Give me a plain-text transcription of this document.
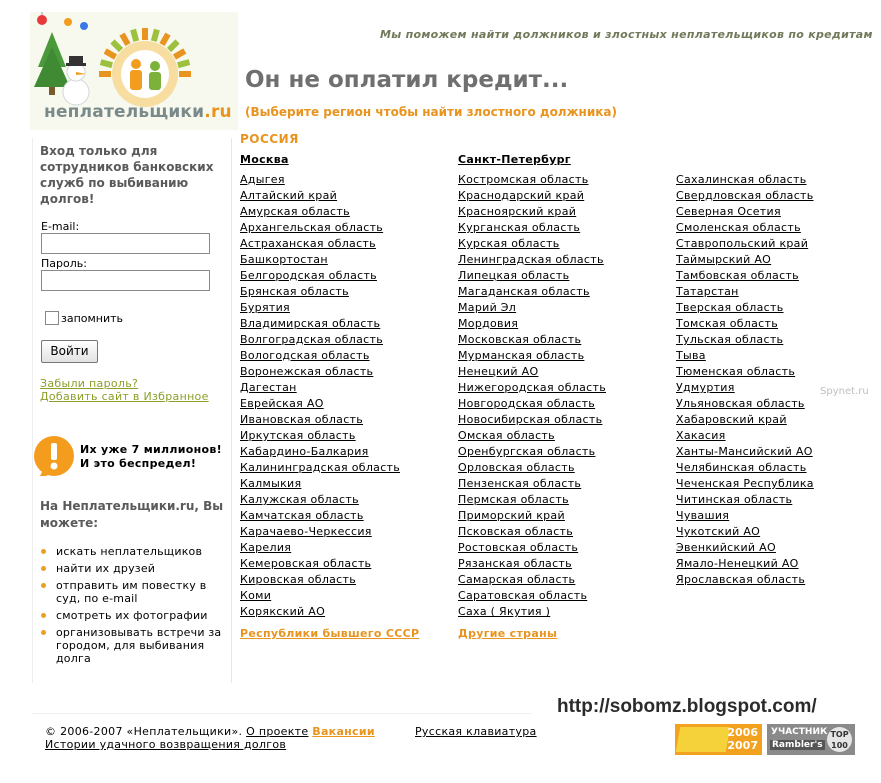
неплательщики.ru
Мы поможем найти должников и злостных неплательщиков по кредитам
Он не оплатил кредит...
(Выберите регион чтобы найти злостного должника)
РОССИЯ
Москва	Санкт-Петербург
Адыгея
Алтайский край
Амурская область
Архангельская область
Астраханская область
Башкортостан
Белгородская область
Брянская область
Бурятия
Владимирская область
Волгоградская область
Вологодская область
Воронежская область
Дагестан
Еврейская АО
Ивановская область
Иркутская область
Кабардино-Балкария
Калининградская область
Калмыкия
Калужская область
Камчатская область
Карачаево-Черкессия
Карелия
Кемеровская область
Кировская область
Коми
Корякский АО
Костромская область
Краснодарский край
Красноярский край
Курганская область
Курская область
Ленинградская область
Липецкая область
Магаданская область
Марий Эл
Мордовия
Московская область
Мурманская область
Ненецкий АО
Нижегородская область
Новгородская область
Новосибирская область
Омская область
Оренбургская область
Орловская область
Пензенская область
Пермская область
Приморский край
Псковская область
Ростовская область
Рязанская область
Самарская область
Саратовская область
Саха ( Якутия )
Сахалинская область
Свердловская область
Северная Осетия
Смоленская область
Ставропольский край
Таймырский АО
Тамбовская область
Татарстан
Тверская область
Томская область
Тульская область
Тыва
Тюменская область
Удмуртия
Ульяновская область
Хабаровский край
Хакасия
Ханты-Мансийский АО
Челябинская область
Чеченская Республика
Читинская область
Чувашия
Чукотский АО
Эвенкийский АО
Ямало-Ненецкий АО
Ярославская область
Республики бывшего СССР	Другие страны
Вход только для сотрудников банковских служб по выбиванию долгов!
E-mail:
Пароль:
запомнить
Войти
Забыли пароль?
Добавить сайт в Избранное
Их уже 7 миллионов!
И это беспредел!
На Неплательщики.ru, Вы можете:
искать неплательщиков
найти их друзей
отправить им повестку в суд, по e-mail
смотреть их фотографии
организовывать встречи за городом, для выбивания долга
© 2006-2007 «Неплательщики». О проекте Вакансии	Русская клавиатура
Истории удачного возвращения долгов
http://sobomz.blogspot.com/
Spynet.ru
2006
2007
УЧАСТНИК
Rambler's
TOP
100
